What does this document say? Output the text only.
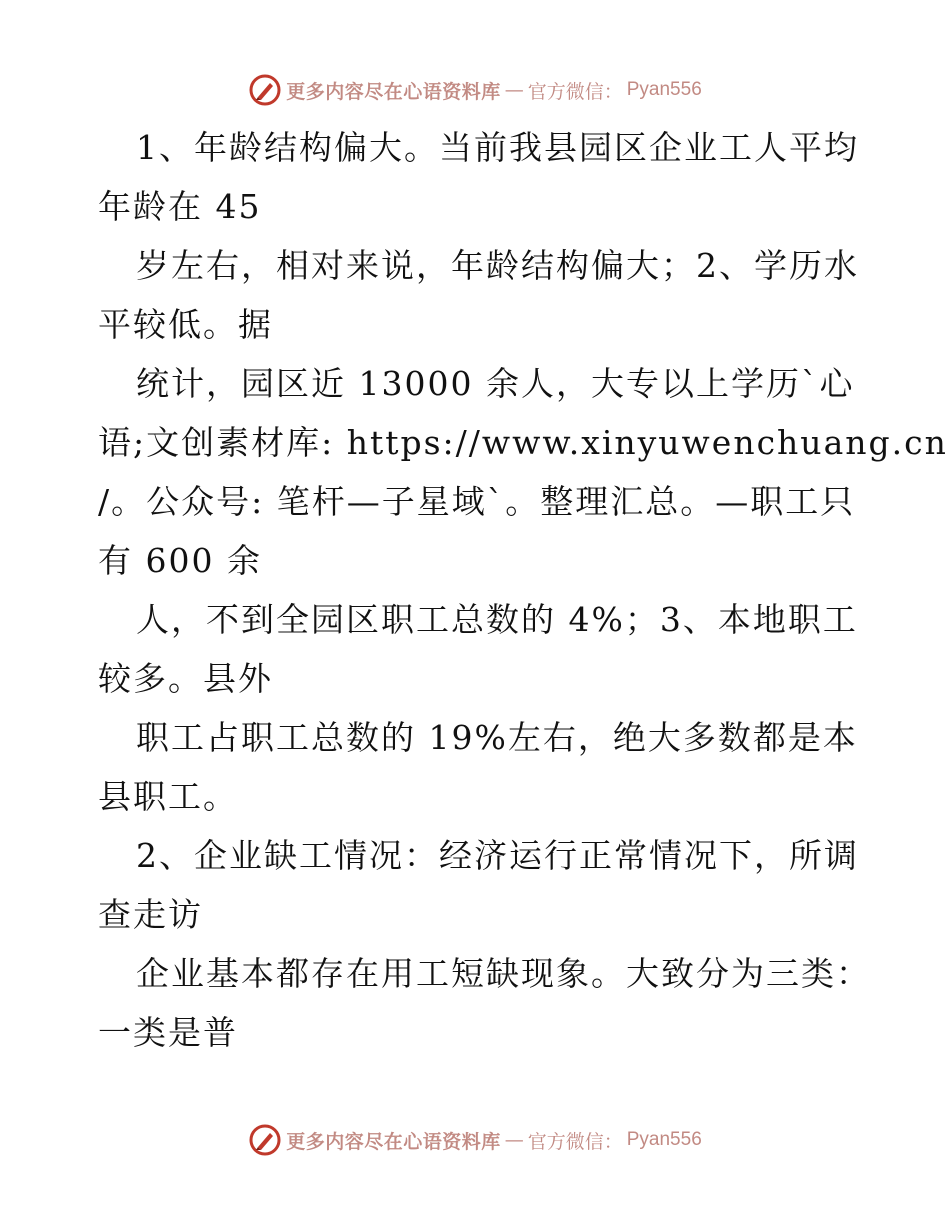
更多内容尽在心语资料库 — 官方微信： Pyan556
1、年龄结构偏大。当前我县园区企业工人平均
年龄在 45
岁左右，相对来说，年龄结构偏大；2、学历水
平较低。据
统计，园区近 13000 余人，大专以上学历`心
语;文创素材库: https://www.xinyuwenchuang.cn
/。公众号: 笔杆—子星域`。整理汇总。—职工只
有 600 余
人，不到全园区职工总数的 4%；3、本地职工
较多。县外
职工占职工总数的 19%左右，绝大多数都是本
县职工。
2、企业缺工情况：经济运行正常情况下，所调
查走访
企业基本都存在用工短缺现象。大致分为三类：
一类是普
更多内容尽在心语资料库 — 官方微信： Pyan556
